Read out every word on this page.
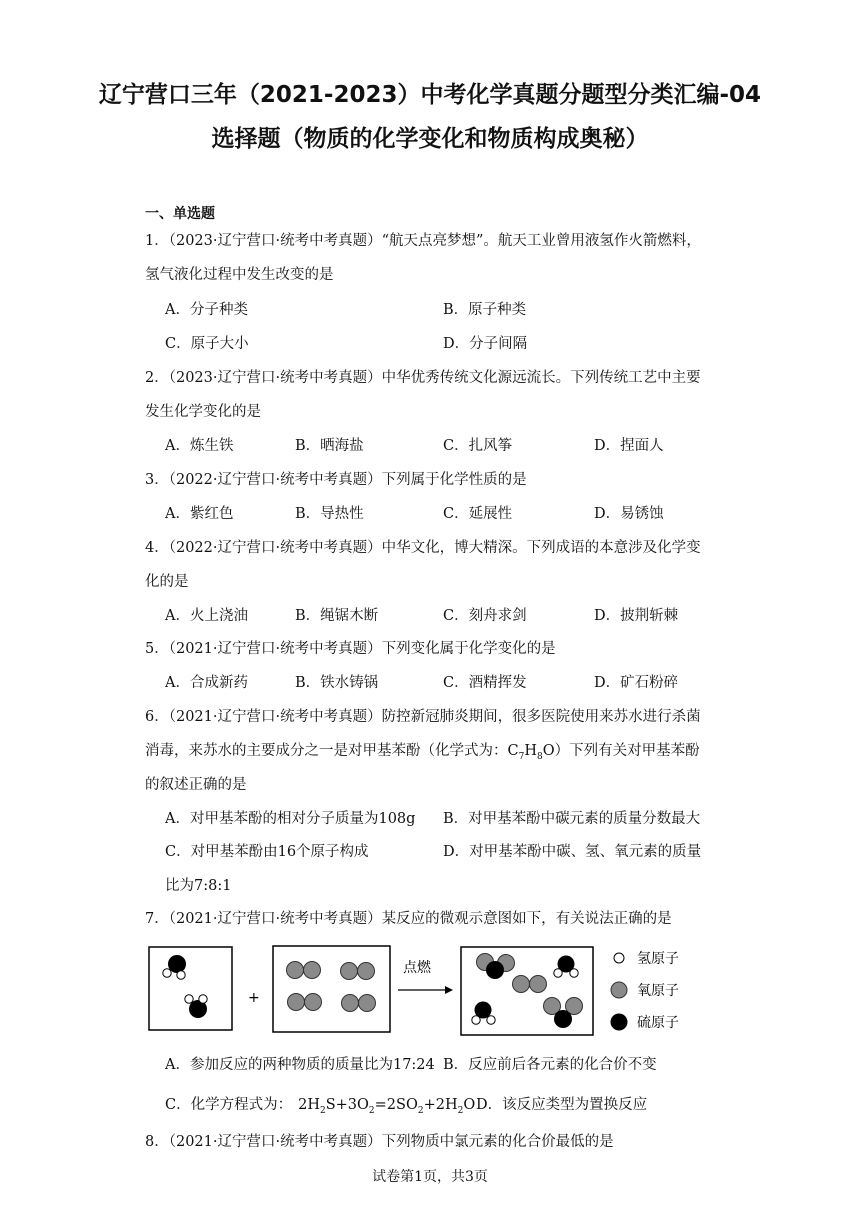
辽宁营口三年（2021-2023）中考化学真题分题型分类汇编-04
选择题（物质的化学变化和物质构成奥秘）
一、单选题
1．（2023·辽宁营口·统考中考真题）“航天点亮梦想”。航天工业曾用液氢作火箭燃料，
氢气液化过程中发生改变的是
A．分子种类	B．原子种类
C．原子大小	D．分子间隔
2．（2023·辽宁营口·统考中考真题）中华优秀传统文化源远流长。下列传统工艺中主要
发生化学变化的是
A．炼生铁	B．晒海盐	C．扎风筝	D．捏面人
3．（2022·辽宁营口·统考中考真题）下列属于化学性质的是
A．紫红色	B．导热性	C．延展性	D．易锈蚀
4．（2022·辽宁营口·统考中考真题）中华文化，博大精深。下列成语的本意涉及化学变
化的是
A．火上浇油	B．绳锯木断	C．刻舟求剑	D．披荆斩棘
5．（2021·辽宁营口·统考中考真题）下列变化属于化学变化的是
A．合成新药	B．铁水铸锅	C．酒精挥发	D．矿石粉碎
6．（2021·辽宁营口·统考中考真题）防控新冠肺炎期间，很多医院使用来苏水进行杀菌
消毒，来苏水的主要成分之一是对甲基苯酚（化学式为：$C_7H_8O$）下列有关对甲基苯酚
的叙述正确的是
A．对甲基苯酚的相对分子质量为108g B．对甲基苯酚中碳元素的质量分数最大
C．对甲基苯酚由16个原子构成	D．对甲基苯酚中碳、氢、氧元素的质量
比为7:8:1
7．（2021·辽宁营口·统考中考真题）某反应的微观示意图如下，有关说法正确的是
+
点燃
氢原子
氧原子
硫原子
A．参加反应的两种物质的质量比为17:24 B．反应前后各元素的化合价不变
C．化学方程式为： $2H_2S+3O_2=2SO_2+2H_2O$ D．该反应类型为置换反应
8．（2021·辽宁营口·统考中考真题）下列物质中氯元素的化合价最低的是
试卷第1页，共3页
